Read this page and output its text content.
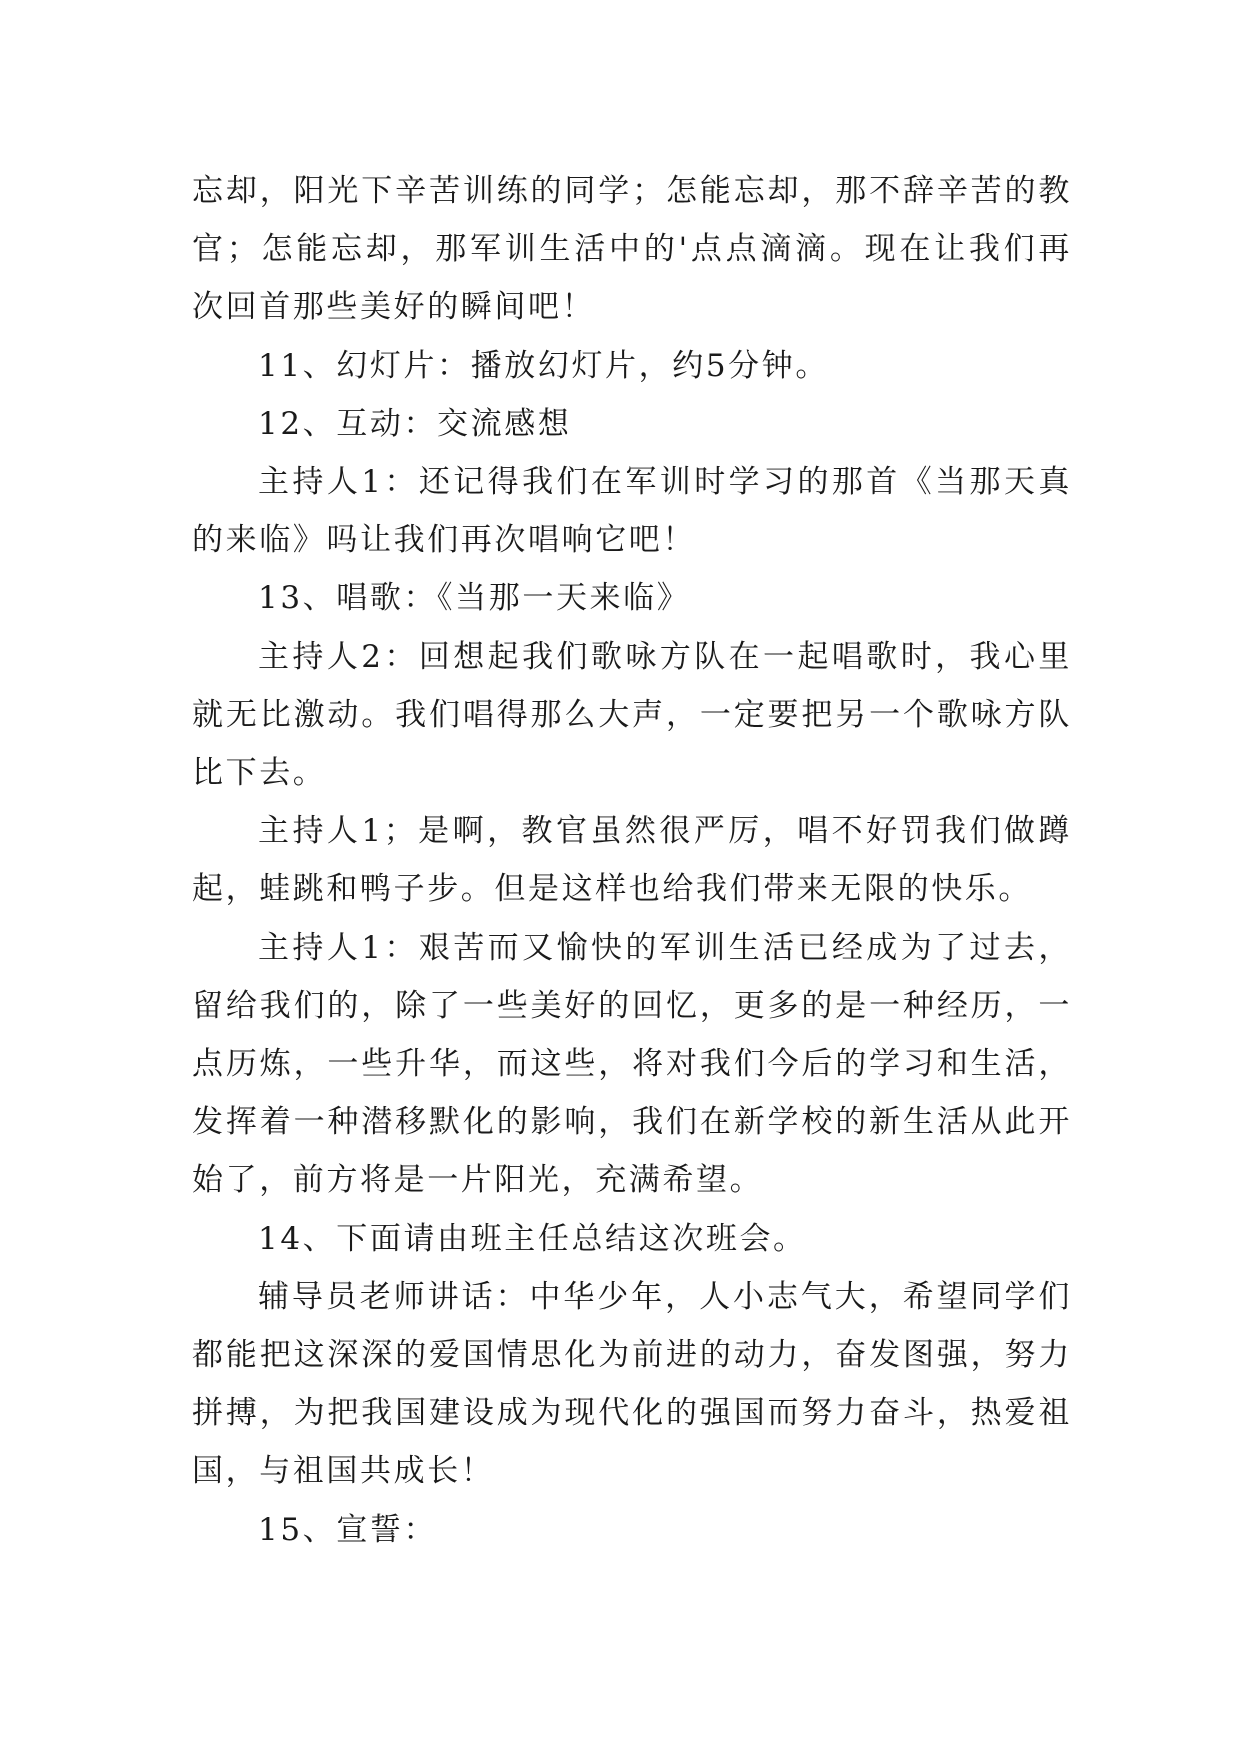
忘却，阳光下辛苦训练的同学；怎能忘却，那不辞辛苦的教官；怎能忘却，那军训生活中的'点点滴滴。现在让我们再次回首那些美好的瞬间吧！

11、幻灯片：播放幻灯片，约5分钟。

12、互动：交流感想

主持人1：还记得我们在军训时学习的那首《当那天真的来临》吗让我们再次唱响它吧！

13、唱歌：《当那一天来临》

主持人2：回想起我们歌咏方队在一起唱歌时，我心里就无比激动。我们唱得那么大声，一定要把另一个歌咏方队比下去。

主持人1；是啊，教官虽然很严厉，唱不好罚我们做蹲起，蛙跳和鸭子步。但是这样也给我们带来无限的快乐。

主持人1：艰苦而又愉快的军训生活已经成为了过去，留给我们的，除了一些美好的回忆，更多的是一种经历，一点历炼，一些升华，而这些，将对我们今后的学习和生活，发挥着一种潜移默化的影响，我们在新学校的新生活从此开始了，前方将是一片阳光，充满希望。

14、下面请由班主任总结这次班会。

辅导员老师讲话：中华少年，人小志气大，希望同学们都能把这深深的爱国情思化为前进的动力，奋发图强，努力拼搏，为把我国建设成为现代化的强国而努力奋斗，热爱祖国，与祖国共成长！

15、宣誓：
